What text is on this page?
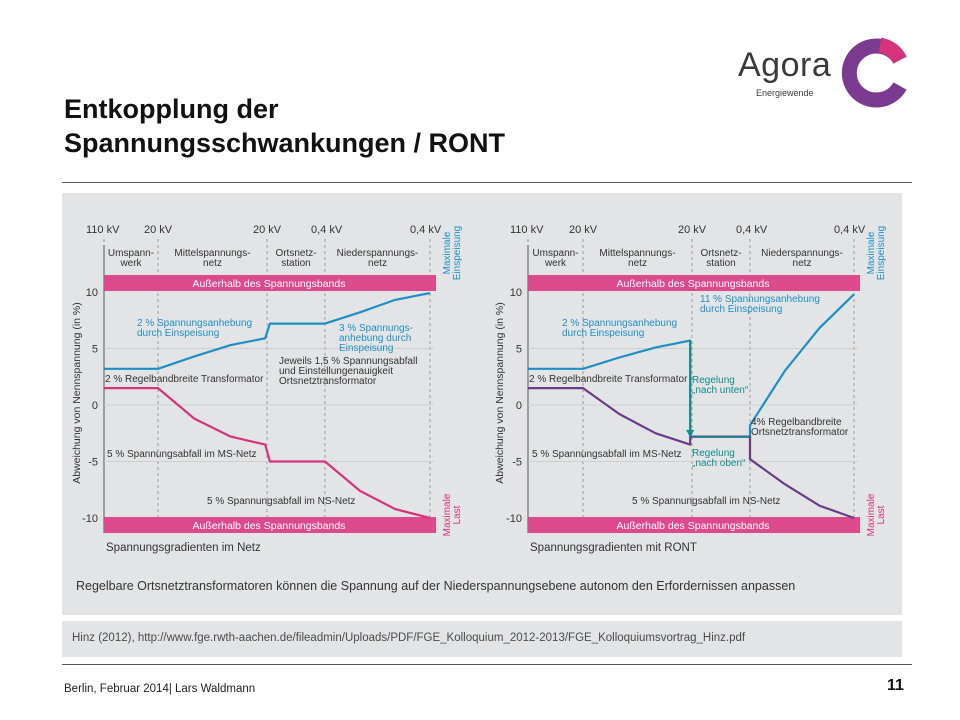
Entkopplung der
Spannungsschwankungen / RONT
Agora
Energiewende
110 kV 20 kV	20 kV	0,4 kV	0,4 kV
Umspann-werk
Mittelspannungs-netz
Ortsnetz-station
Niederspannungs-netz
Außerhalb des Spannungsbands
Außerhalb des Spannungsbands
10
5
0
-5
-10
Abweichung von Nennspannung (in %)
MaximaleEinspeisung
MaximaleLast
Spannungsgradienten im Netz
2 % Spannungsanhebung durch Einspeisung	3 % Spannungs-anhebung durch Einspeisung
Jeweils 1,5 % Spannungsabfall und Einstellungenauigkeit Ortsnetztransformator
2 % Regelbandbreite Transformator
5 % Spannungsabfall im MS-Netz
5 % Spannungsabfall im NS-Netz
110 kV 20 kV	20 kV	0,4 kV	0,4 kV
Umspann-werk
Mittelspannungs-netz
Ortsnetz-station
Niederspannungs-netz
Außerhalb des Spannungsbands
Außerhalb des Spannungsbands
10
5
0
-5
-10
Abweichung von Nennspannung (in %)
MaximaleEinspeisung
MaximaleLast
Spannungsgradienten mit RONT
2 % Spannungsanhebung durch Einspeisung
11 % Spannungsanhebung durch Einspeisung
2 % Regelbandbreite Transformator Regelung „nach unten“
Regelung „nach oben“
4% Regelbandbreite Ortsnetztransformator
5 % Spannungsabfall im MS-Netz
5 % Spannungsabfall im NS-Netz
Regelbare Ortsnetztransformatoren können die Spannung auf der Niederspannungsebene autonom den Erfordernissen anpassen
Hinz (2012), http://www.fge.rwth-aachen.de/fileadmin/Uploads/PDF/FGE_Kolloquium_2012-2013/FGE_Kolloquiumsvortrag_Hinz.pdf
Berlin, Februar 2014| Lars Waldmann	11
